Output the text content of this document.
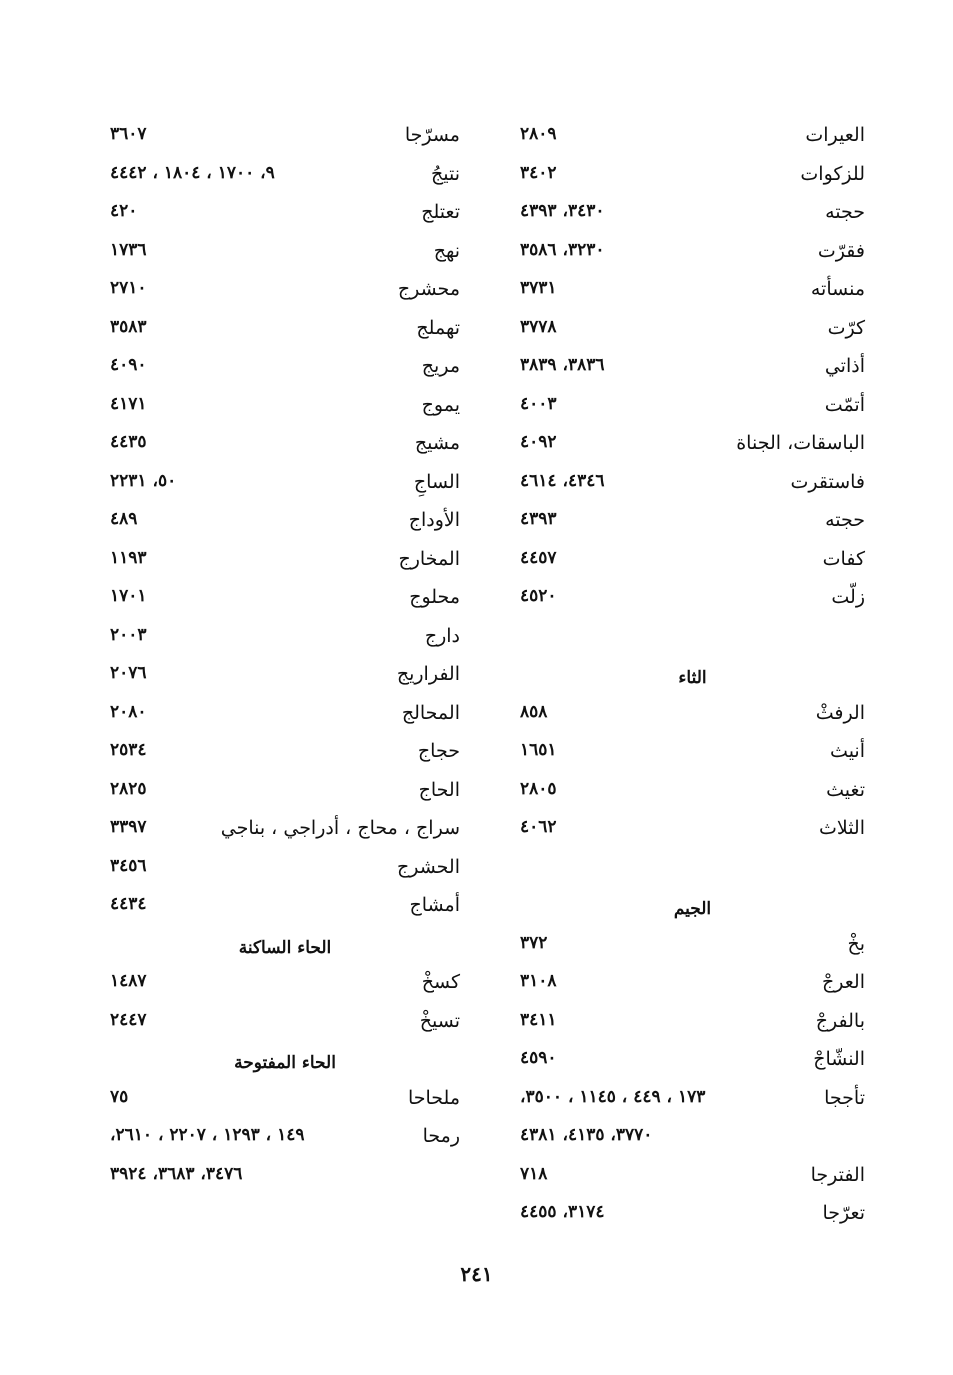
العيرات
٢٨٠٩
للزكوات
٣٤٠٢
حجته
٣٤٣٠، ٤٣٩٣
فقرّت
٣٢٣٠، ٣٥٨٦
منسأته
٣٧٣١
كرّت
٣٧٧٨
أذاتي
٣٨٣٦، ٣٨٣٩
أتمّت
٤٠٠٣
الباسقات، الجناة
٤٠٩٢
فاستقرت
٤٣٤٦، ٤٦١٤
حجته
٤٣٩٣
كفات
٤٤٥٧
زلّت
٤٥٢٠
الثاء
الرفثْ
٨٥٨
أنيث
١٦٥١
تغيث
٢٨٠٥
الثلاث
٤٠٦٢
الجيم
بخْ
٣٧٢
العرجْ
٣١٠٨
بالفرجْ
٣٤١١
النشّاجْ
٤٥٩٠
تأججا
١٧٣ ، ٤٤٩ ، ١١٤٥ ، ٣٥٠٠،
٣٧٧٠، ٤١٣٥، ٤٣٨١
الفترجا
٧١٨
تعرّجا
٣١٧٤، ٤٤٥٥
مسرّجا
٣٦٠٧
نتيجُ
٩، ١٧٠٠ ، ١٨٠٤ ، ٤٤٤٢
تعتلج
٤٢٠
نهج
١٧٣٦
محشرج
٢٧١٠
تهملج
٣٥٨٣
مريج
٤٠٩٠
يموج
٤١٧١
مشيج
٤٤٣٥
الساجِ
٥٠، ٢٢٣١
الأوداج
٤٨٩
المخارج
١١٩٣
محلوج
١٧٠١
دارج
٢٠٠٣
الفراريج
٢٠٧٦
المحالج
٢٠٨٠
حجاج
٢٥٣٤
الحاج
٢٨٢٥
سراج ، محاج ، أدراجي ، بناجي
٣٣٩٧
الحشرج
٣٤٥٦
أمشاج
٤٤٣٤
الحاء الساكنة
كسخْ
١٤٨٧
تسيخْ
٢٤٤٧
الحاء المفتوحة
ملحاحا
٧٥
رمحا
١٤٩ ، ١٢٩٣ ، ٢٢٠٧ ، ٢٦١٠،
٣٤٧٦، ٣٦٨٣، ٣٩٢٤
٢٤١
